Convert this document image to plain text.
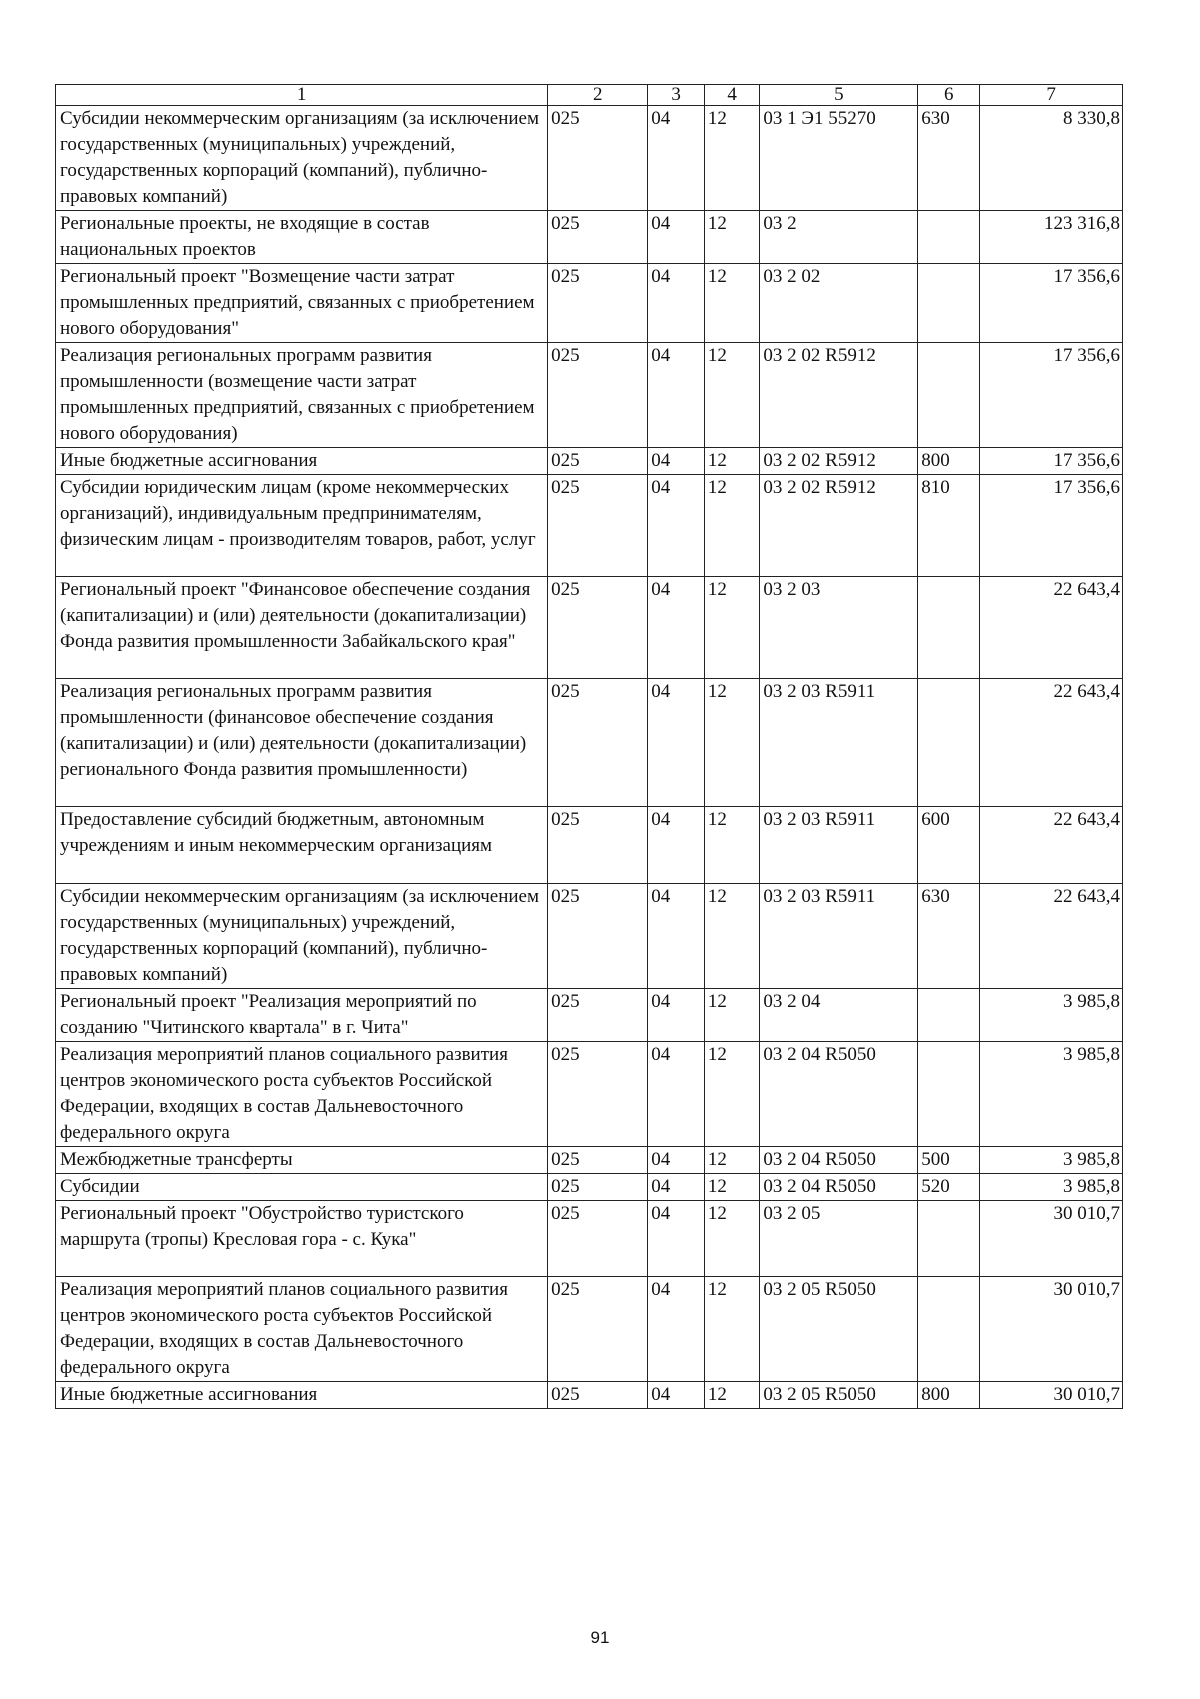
1	2	3	4	5	6	7
Субсидии некоммерческим организациям (за исключением государственных (муниципальных) учреждений, государственных корпораций (компаний), публично-правовых компаний)	025	04	12	03 1 Э1 55270	630	8 330,8
Региональные проекты, не входящие в состав национальных проектов	025	04	12	03 2		123 316,8
Региональный проект "Возмещение части затрат промышленных предприятий, связанных с приобретением нового оборудования"	025	04	12	03 2 02		17 356,6
Реализация региональных программ развития промышленности (возмещение части затрат промышленных предприятий, связанных с приобретением нового оборудования)	025	04	12	03 2 02 R5912		17 356,6
Иные бюджетные ассигнования	025	04	12	03 2 02 R5912	800	17 356,6
Субсидии юридическим лицам (кроме некоммерческих организаций), индивидуальным предпринимателям, физическим лицам - производителям товаров, работ, услуг	025	04	12	03 2 02 R5912	810	17 356,6
Региональный проект "Финансовое обеспечение создания (капитализации) и (или) деятельности (докапитализации) Фонда развития промышленности Забайкальского края"	025	04	12	03 2 03		22 643,4
Реализация региональных программ развития промышленности (финансовое обеспечение создания (капитализации) и (или) деятельности (докапитализации) регионального Фонда развития промышленности)	025	04	12	03 2 03 R5911		22 643,4
Предоставление субсидий бюджетным, автономным учреждениям и иным некоммерческим организациям	025	04	12	03 2 03 R5911	600	22 643,4
Субсидии некоммерческим организациям (за исключением государственных (муниципальных) учреждений, государственных корпораций (компаний), публично-правовых компаний)	025	04	12	03 2 03 R5911	630	22 643,4
Региональный проект "Реализация мероприятий по созданию "Читинского квартала" в г. Чита"	025	04	12	03 2 04		3 985,8
Реализация мероприятий планов социального развития центров экономического роста субъектов Российской Федерации, входящих в состав Дальневосточного федерального округа	025	04	12	03 2 04 R5050		3 985,8
Межбюджетные трансферты	025	04	12	03 2 04 R5050	500	3 985,8
Субсидии	025	04	12	03 2 04 R5050	520	3 985,8
Региональный проект "Обустройство туристского маршрута (тропы) Кресловая гора - с. Кука"	025	04	12	03 2 05		30 010,7
Реализация мероприятий планов социального развития центров экономического роста субъектов Российской Федерации, входящих в состав Дальневосточного федерального округа	025	04	12	03 2 05 R5050		30 010,7
Иные бюджетные ассигнования	025	04	12	03 2 05 R5050	800	30 010,7
91
